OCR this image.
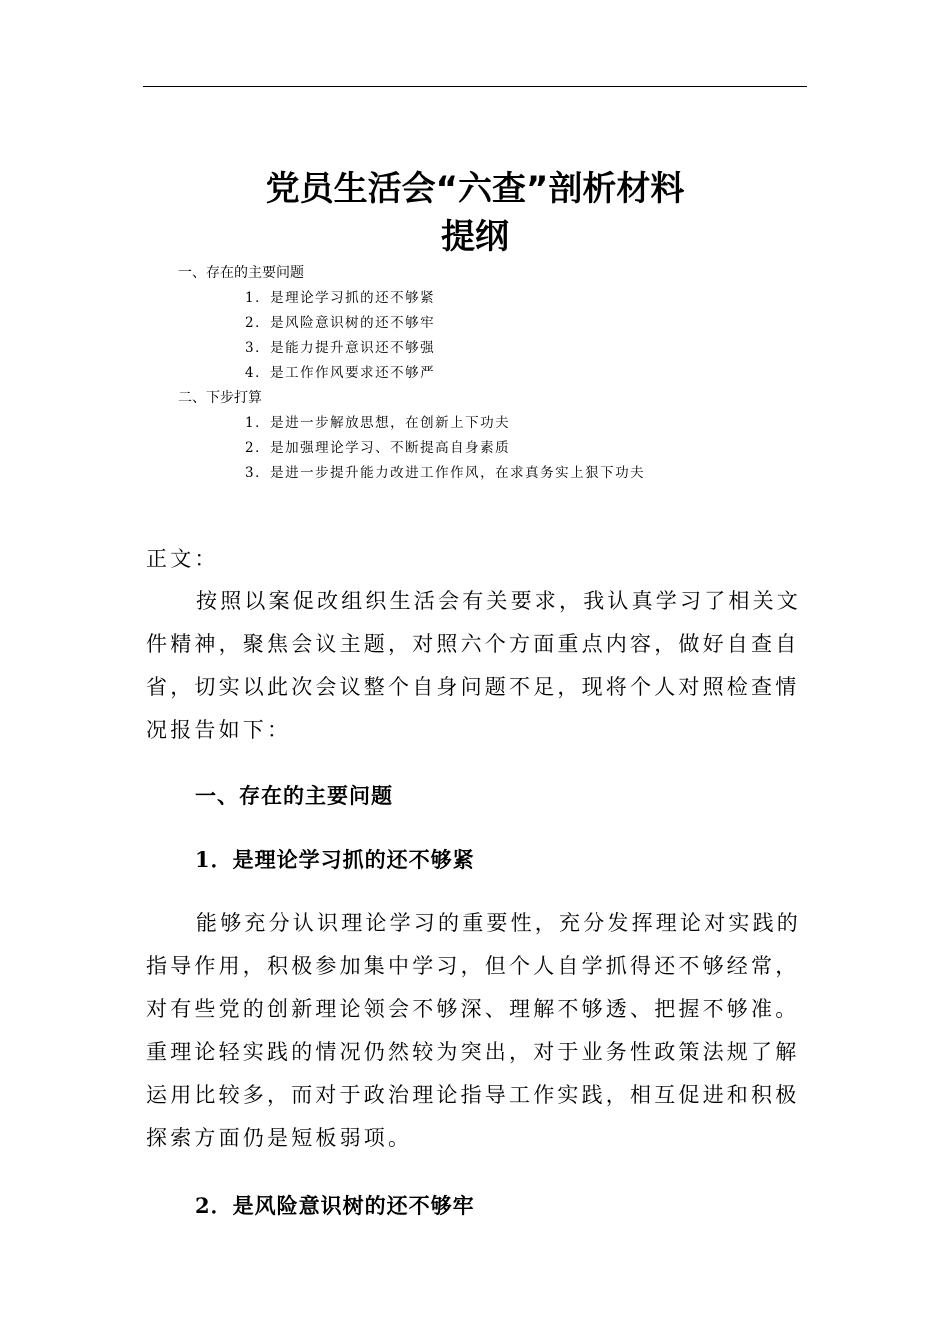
党员生活会“六查”剖析材料
提纲
一、存在的主要问题
1．是理论学习抓的还不够紧
2．是风险意识树的还不够牢
3．是能力提升意识还不够强
4．是工作作风要求还不够严
二、下步打算
1．是进一步解放思想，在创新上下功夫
2．是加强理论学习、不断提高自身素质
3．是进一步提升能力改进工作作风，在求真务实上狠下功夫
正文：
按照以案促改组织生活会有关要求，我认真学习了相关文件精神，聚焦会议主题，对照六个方面重点内容，做好自查自省，切实以此次会议整个自身问题不足，现将个人对照检查情况报告如下：
一、存在的主要问题
1．是理论学习抓的还不够紧
能够充分认识理论学习的重要性，充分发挥理论对实践的指导作用，积极参加集中学习，但个人自学抓得还不够经常，对有些党的创新理论领会不够深、理解不够透、把握不够准。重理论轻实践的情况仍然较为突出，对于业务性政策法规了解运用比较多，而对于政治理论指导工作实践，相互促进和积极探索方面仍是短板弱项。
2．是风险意识树的还不够牢
